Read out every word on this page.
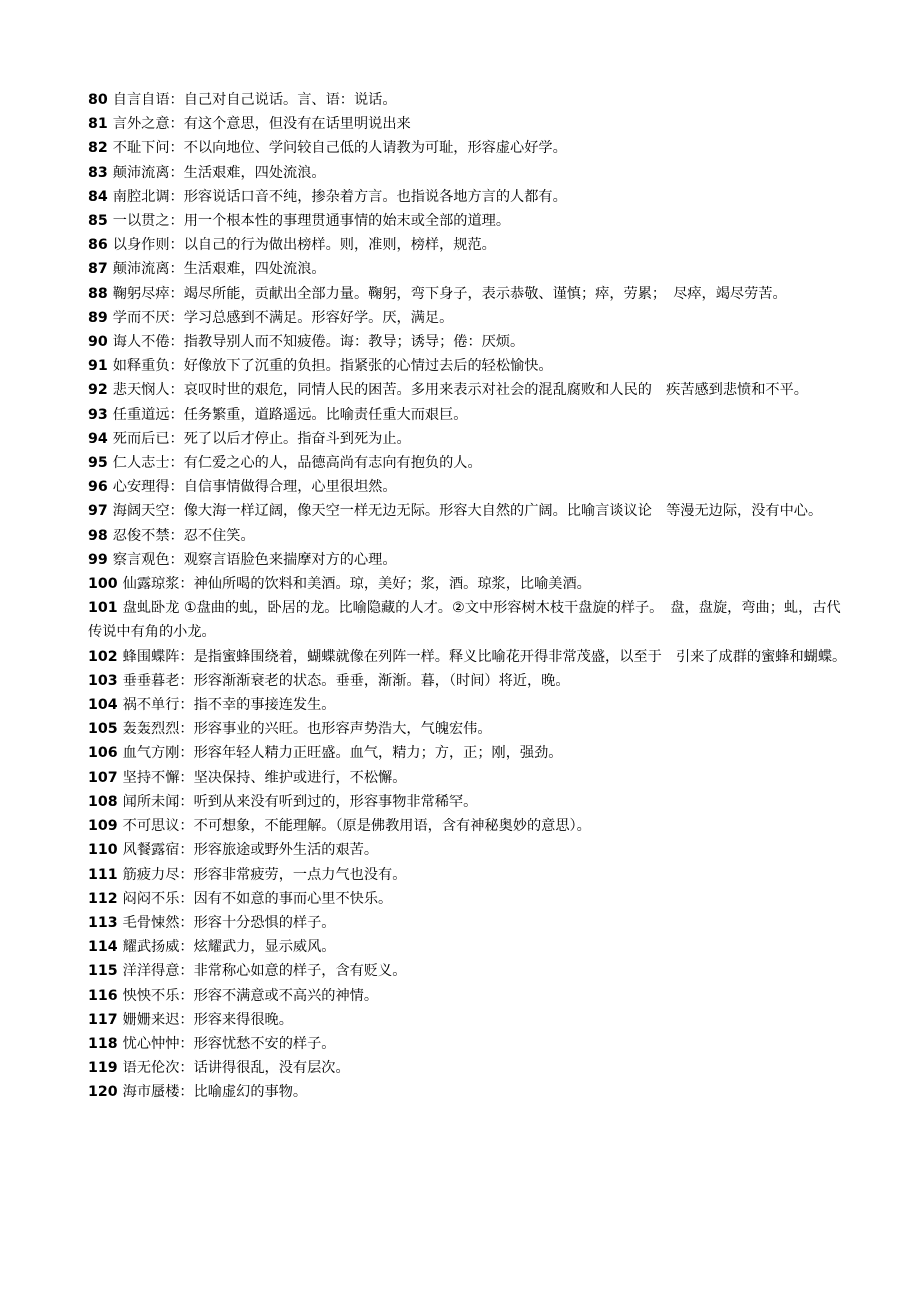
80 自言自语：自己对自己说话。言、语：说话。

81 言外之意：有这个意思，但没有在话里明说出来

82 不耻下问：不以向地位、学问较自己低的人请教为可耻，形容虚心好学。

83 颠沛流离：生活艰难，四处流浪。

84 南腔北调：形容说话口音不纯，掺杂着方言。也指说各地方言的人都有。

85 一以贯之：用一个根本性的事理贯通事情的始末或全部的道理。

86 以身作则：以自己的行为做出榜样。则，准则，榜样，规范。

87 颠沛流离：生活艰难，四处流浪。

88 鞠躬尽瘁：竭尽所能，贡献出全部力量。鞠躬，弯下身子，表示恭敬、谨慎；瘁，劳累；　尽瘁，竭尽劳苦。

89 学而不厌：学习总感到不满足。形容好学。厌，满足。

90 诲人不倦：指教导别人而不知疲倦。诲：教导；诱导；倦：厌烦。

91 如释重负：好像放下了沉重的负担。指紧张的心情过去后的轻松愉快。

92 悲天悯人：哀叹时世的艰危，同情人民的困苦。多用来表示对社会的混乱腐败和人民的　疾苦感到悲愤和不平。

93 任重道远：任务繁重，道路遥远。比喻责任重大而艰巨。

94 死而后已：死了以后才停止。指奋斗到死为止。

95 仁人志士：有仁爱之心的人，品德高尚有志向有抱负的人。

96 心安理得：自信事情做得合理，心里很坦然。

97 海阔天空：像大海一样辽阔，像天空一样无边无际。形容大自然的广阔。比喻言谈议论　等漫无边际，没有中心。

98 忍俊不禁：忍不住笑。

99 察言观色：观察言语脸色来揣摩对方的心理。

100 仙露琼浆：神仙所喝的饮料和美酒。琼，美好；浆，酒。琼浆，比喻美酒。

101 盘虬卧龙 ①盘曲的虬，卧居的龙。比喻隐藏的人才。②文中形容树木枝干盘旋的样子。　盘，盘旋，弯曲；虬，古代传说中有角的小龙。

102 蜂围蝶阵：是指蜜蜂围绕着，蝴蝶就像在列阵一样。释义比喻花开得非常茂盛，以至于　引来了成群的蜜蜂和蝴蝶。

103 垂垂暮老：形容渐渐衰老的状态。垂垂，渐渐。暮，（时间）将近，晚。

104 祸不单行：指不幸的事接连发生。

105 轰轰烈烈：形容事业的兴旺。也形容声势浩大，气魄宏伟。

106 血气方刚：形容年轻人精力正旺盛。血气，精力；方，正；刚，强劲。

107 坚持不懈：坚决保持、维护或进行，不松懈。

108 闻所未闻：听到从来没有听到过的，形容事物非常稀罕。

109 不可思议：不可想象，不能理解。（原是佛教用语，含有神秘奥妙的意思）。

110 风餐露宿：形容旅途或野外生活的艰苦。

111 筋疲力尽：形容非常疲劳，一点力气也没有。

112 闷闷不乐：因有不如意的事而心里不快乐。

113 毛骨悚然：形容十分恐惧的样子。

114 耀武扬威：炫耀武力，显示威风。

115 洋洋得意：非常称心如意的样子，含有贬义。

116 怏怏不乐：形容不满意或不高兴的神情。

117 姗姗来迟：形容来得很晚。

118 忧心忡忡：形容忧愁不安的样子。

119 语无伦次：话讲得很乱，没有层次。

120 海市蜃楼：比喻虚幻的事物。
